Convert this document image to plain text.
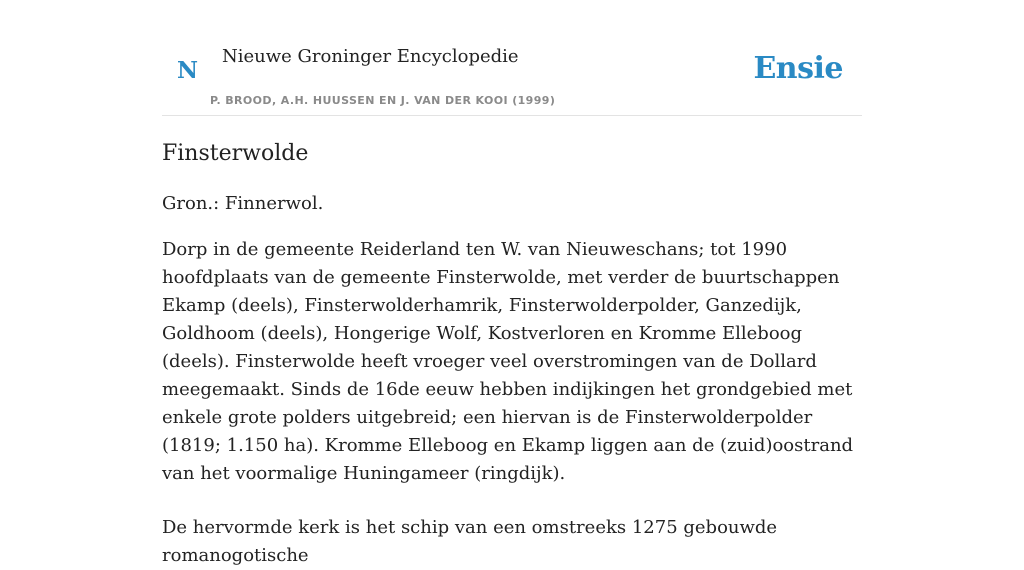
N
Nieuwe Groninger Encyclopedie
P. BROOD, A.H. HUUSSEN EN J. VAN DER KOOI (1999)
Ensie
Finsterwolde

Gron.: Finnerwol.

Dorp in de gemeente Reiderland ten W. van Nieuweschans; tot 1990 hoofdplaats van de gemeente Finsterwolde, met verder de buurtschappen Ekamp (deels), Finsterwolderhamrik, Finsterwolderpolder, Ganzedijk, Goldhoom (deels), Hongerige Wolf, Kostverloren en Kromme Elleboog (deels). Finsterwolde heeft vroeger veel overstromingen van de Dollard meegemaakt. Sinds de 16de eeuw hebben indijkingen het grondgebied met enkele grote polders uitgebreid; een hiervan is de Finsterwolderpolder (1819; 1.150 ha). Kromme Elleboog en Ekamp liggen aan de (zuid)oostrand van het voormalige Huningameer (ringdijk).

De hervormde kerk is het schip van een omstreeks 1275 gebouwde romanogotische
